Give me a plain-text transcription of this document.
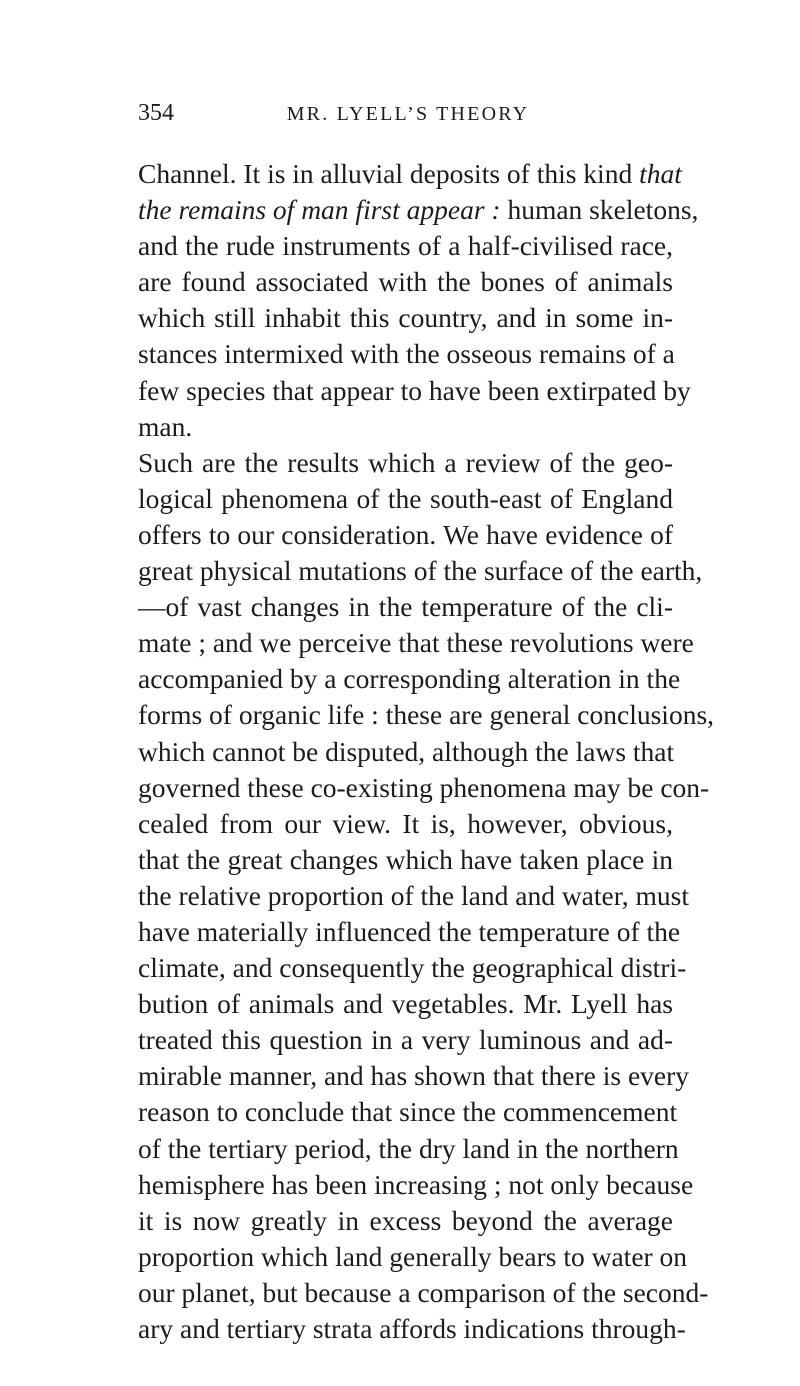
354	MR. LYELL’S THEORY
Channel. It is in alluvial deposits of this kind that
the remains of man first appear : human skeletons,
and the rude instruments of a half-civilised race,
are found associated with the bones of animals
which still inhabit this country, and in some in-
stances intermixed with the osseous remains of a
few species that appear to have been extirpated by
man.
Such are the results which a review of the geo-
logical phenomena of the south-east of England
offers to our consideration. We have evidence of
great physical mutations of the surface of the earth,
—of vast changes in the temperature of the cli-
mate ; and we perceive that these revolutions were
accompanied by a corresponding alteration in the
forms of organic life : these are general conclusions,
which cannot be disputed, although the laws that
governed these co-existing phenomena may be con-
cealed from our view. It is, however, obvious,
that the great changes which have taken place in
the relative proportion of the land and water, must
have materially influenced the temperature of the
climate, and consequently the geographical distri-
bution of animals and vegetables. Mr. Lyell has
treated this question in a very luminous and ad-
mirable manner, and has shown that there is every
reason to conclude that since the commencement
of the tertiary period, the dry land in the northern
hemisphere has been increasing ; not only because
it is now greatly in excess beyond the average
proportion which land generally bears to water on
our planet, but because a comparison of the second-
ary and tertiary strata affords indications through-
